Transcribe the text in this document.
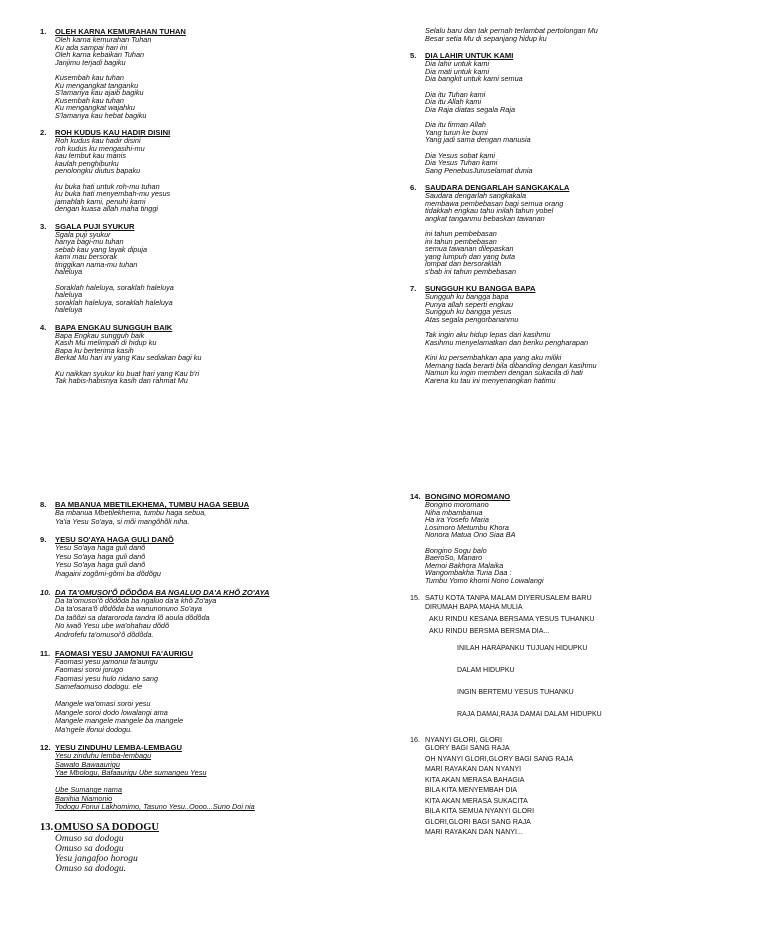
1.	OLEH KARNA KEMURAHAN TUHAN
Oleh karna kemurahan Tuhan
Ku ada sampai hari ini
Oleh karna kebaikan Tuhan
Janjimu terjadi bagiku
Kusembah kau tuhan
Ku mengangkat tanganku
S'lamanya kau ajaib bagiku
Kusembah kau tuhan
Ku mengangkat wajahku
S'lamanya kau hebat bagiku
2.	ROH KUDUS KAU HADIR DISINI
Roh kudus kau hadir disini
roh kudus ku mengasihi-mu
kau lembut kau manis
kaulah penghiburku
penolongku diutus bapaku
ku buka hati untuk roh-mu tuhan
ku buka hati menyembah-mu yesus
jamahlah kami, penuhi kami
dengan kuasa allah maha tinggi
3.	SGALA PUJI SYUKUR
Sgala puji syukur
hanya bagi-mu tuhan
sebab kau yang layak dipuja
kami mau bersorak
tinggikan nama-mu tuhan
haleluya
Soraklah haleluya, soraklah haleluya
haleluya
soraklah haleluya, soraklah haleluya
haleluya
4.	BAPA ENGKAU SUNGGUH BAIK
Bapa Engkau sungguh baik
Kasih Mu melimpah di hidup ku
Bapa ku berterima kasih
Berkat Mu hari ini yang Kau sediakan bagi ku
Ku naikkan syukur ku buat hari yang Kau b'ri
Tak habis-habisnya kasih dan rahmat Mu
Selalu baru dan tak pernah terlambat pertolongan Mu
Besar setia Mu di sepanjang hidup ku
5.	DIA LAHIR UNTUK KAMI
Dia lahir untuk kami
Dia mati untuk kami
Dia bangkit untuk kami semua
Dia itu Tuhan kami
Dia itu Allah kami
Dia Raja diatas segala Raja
Dia itu firman Allah
Yang turun ke bumi
Yang jadi sama dengan manusia
Dia Yesus sobat kami
Dia Yesus Tuhan kami
Sang PenebusJuruselamat dunia
6.	SAUDARA DENGARLAH SANGKAKALA
Saudara dengarlah sangkakala
membawa pembebasan bagi semua orang
tidakkah engkau tahu inilah tahun yobel
angkat tanganmu bebaskan tawanan
ini tahun pembebasan
ini tahun pembebasan
semua tawanan dilepaskan
yang lumpuh dan yang buta
lompat dan bersoraklah
s'bab ini tahun pembebasan
7.	SUNGGUH KU BANGGA BAPA
Sungguh ku bangga bapa
Punya allah seperti engkau
Sungguh ku bangga yesus
Atas segala pengorbananmu
Tak ingin aku hidup lepas dari kasihmu
Kasihmu menyelamatkan dan beriku pengharapan
Kini ku persembahkan apa yang aku miliki
Memang tiada berarti bila dibanding dengan kasihmu
Namun ku ingin memberi dengan sukacita di hati
Karena ku tau ini menyenangkan hatimu
8.	BA MBANUA MBETILEKHEMA, TUMBU HAGA SEBUA
Ba mbanua Mbetilekhema, tumbu haga sebua,
Ya'ia Yesu So'aya, si mõi mangõhõli niha.
9.	YESU SO'AYA HAGA GULI DANÕ
Yesu So'aya haga guli danõ
Yesu So'aya haga guli danõ
Yesu So'aya haga guli danõ
Ihagaini zogõmi-gõmi ba dõdõgu
10. DA TA'OMUSOI'Õ DÕDÕDA BA NGALUO DA'A KHÕ ZO'AYA
Da ta'omusoi'õ dõdõda ba ngaluo da'a khõ Zo'aya
Da ta'osara'õ dõdõda ba wanunonuno So'aya
Da taõõzi sa dataroroda tandra lõ aoula dõdõda
No iwaõ Yesu ube wa'ohahau dõdõ
Androfefu ta'omusoi'õ dõdõda.
11. FAOMASI YESU JAMONUI FA'AURIGU
Faomasi yesu jamonui fa'aurigu
Faomasi soroi jorugo
Faomasi yesu hulo nidano sang
Samefaomuso dodogu. ele
Mangele wa'omasi soroi yesu
Mangele soroi dodo lowalangi ama
Mangele mangele mangele ba mangele
Ma'ngele ifonui dodogu.
12. YESU ZINDUHU LEMBA-LEMBAGU
Yesu zinduhu lemba-lembagu
Sawato Bawaaurigu
Yae Mbologu, Bafaaurigu Ube sumangeu Yesu
Ube Sumange nama
Banihia Niamonio
Todogu Fonui Lakhomimo, Tasuno Yesu..Oooo...Suno Doi nia
13. OMUSO SA DODOGU
Omuso sa dodogu
Omuso sa dodogu
Yesu jangafoo horogu
Omuso sa dodogu.
14. BONGINO MOROMANO
Bongino moromano
Niha mbambanua
Ha ira Yosefo Maria
Losimoro Metumbu Khora
Nonora Matua Ono Siaa BA
Bongino Sogu balo
BaeroSo, Manaro
Memoi Bakhora Malaika
Wangombakha Turia Daa :
Tumbu Yomo khomi Nono Lowalangi
15. SATU KOTA TANPA MALAM DIYERUSALEM BARU
DIRUMAH BAPA MAHA MULIA
AKU RINDU KESANA BERSAMA YESUS TUHANKU
AKU RINDU BERSMA BERSMA DIA...
INILAH HARAPANKU TUJUAN HIDUPKU
DALAM HIDUPKU
INGIN BERTEMU YESUS TUHANKU
RAJA DAMAI,RAJA DAMAI DALAM HIDUPKU
16. NYANYI GLORI, GLORI
GLORY BAGI SANG RAJA
OH NYANYI GLORI,GLORY BAGI SANG RAJA
MARI RAYAKAN DAN NYANYI
KITA AKAN MERASA BAHAGIA
BILA KITA MENYEMBAH DIA
KITA AKAN MERASA SUKACITA
BILA KITA SEMUA NYANYI GLORI
GLORI,GLORI BAGI SANG RAJA
MARI RAYAKAN DAN NANYI...
